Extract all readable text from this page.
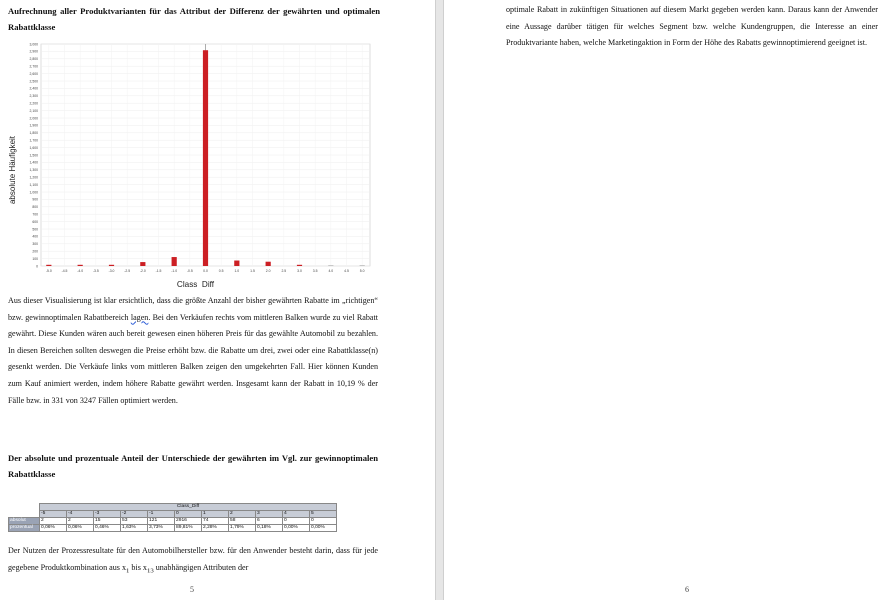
Aufrechnung aller Produktvarianten für das Attribut der Differenz der gewährten und optimalen Rabattklasse
0
100
200
300
400
500
600
700
800
900
1,000
1,100
1,200
1,300
1,400
1,500
1,600
1,700
1,800
1,900
2,000
2,100
2,200
2,300
2,400
2,500
2,600
2,700
2,800
2,900
3,000
-5.0	-4.5	-4.0	-3.5	-3.0	-2.5	-2.0	-1.5	-1.0	-0.5	0.0	0.5	1.0	1.5	2.0	2.5	3.0	3.5	4.0	4.5	5.0
Class_Diff
absolute Häufigkeit
Aus dieser Visualisierung ist klar ersichtlich, dass die größte Anzahl der bisher gewährten Rabatte im „richtigen“ bzw. gewinnoptimalen Rabattbereich lagen. Bei den Verkäufen rechts vom mittleren Balken wurde zu viel Rabatt gewährt. Diese Kunden wären auch bereit gewesen einen höheren Preis für das gewählte Automobil zu bezahlen. In diesen Bereichen sollten deswegen die Preise erhöht bzw. die Rabatte um drei, zwei oder eine Rabattklasse(n) gesenkt werden. Die Verkäufe links vom mittleren Balken zeigen den umgekehrten Fall. Hier können Kunden zum Kauf animiert werden, indem höhere Rabatte gewährt werden. Insgesamt kann der Rabatt in 10,19 % der Fälle bzw. in 331 von 3247 Fällen optimiert werden.
Der absolute und prozentuale Anteil der Unterschiede der gewährten im Vgl. zur gewinnoptimalen Rabattklasse
	Class_Diff										
	-5	-4	-3	-2	-1	0	1	2	3	4	5
absolut	2	2	15	53	121	2916	74	58	6	0	0
prozentual	0,06%	0,06%	0,46%	1,63%	3,73%	89,81%	2,28%	1,79%	0,18%	0,00%	0,00%
Der Nutzen der Prozessresultate für den Automobilhersteller bzw. für den Anwender besteht darin, dass für jede gegebene Produktkombination aus $x_1$ bis $x_{13}$ unabhängigen Attributen der
5
optimale Rabatt in zukünftigen Situationen auf diesem Markt gegeben werden kann. Daraus kann der Anwender eine Aussage darüber tätigen für welches Segment bzw. welche Kundengruppen, die Interesse an einer Produktvariante haben, welche Marketingaktion in Form der Höhe des Rabatts gewinnoptimierend geeignet ist.
6
